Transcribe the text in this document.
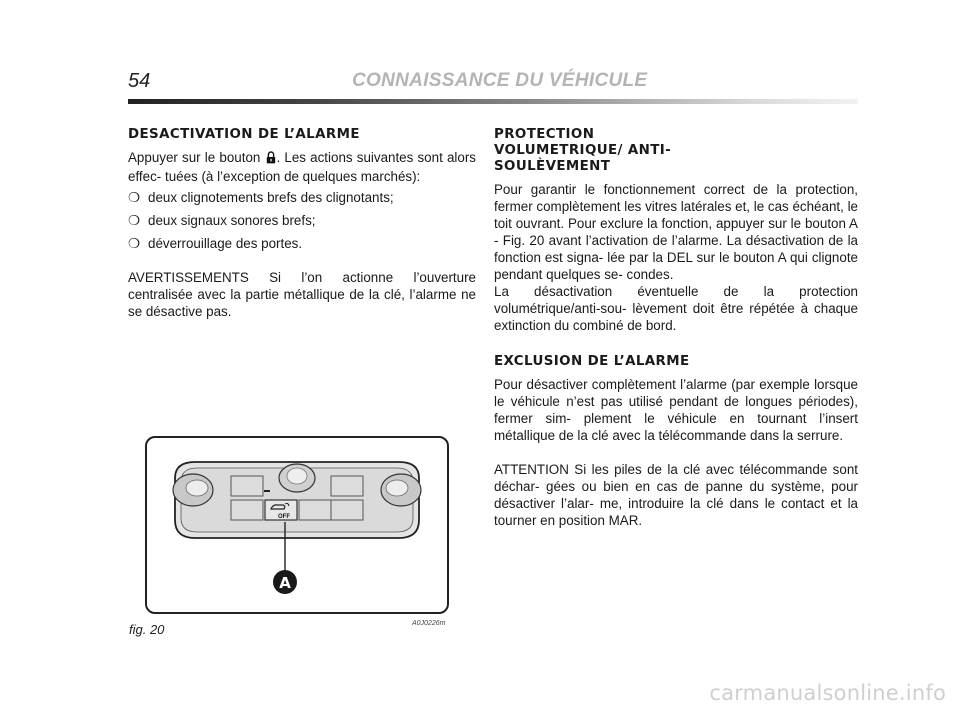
54	CONNAISSANCE DU VÉHICULE
DESACTIVATION DE L’ALARME

Appuyer sur le bouton . Les actions suivantes sont alors effec- tuées (à l’exception de quelques marchés):

❍ deux clignotements brefs des clignotants;
❍ deux signaux sonores brefs;
❍ déverrouillage des portes.

AVERTISSEMENTS Si l’on actionne l’ouverture centralisée avec la partie métallique de la clé, l’alarme ne se désactive pas.

PROTECTION VOLUMETRIQUE/ ANTI-SOULÈVEMENT

Pour garantir le fonctionnement correct de la protection, fermer complètement les vitres latérales et, le cas échéant, le toit ouvrant. Pour exclure la fonction, appuyer sur le bouton A - Fig. 20 avant l’activation de l’alarme. La désactivation de la fonction est signa- lée par la DEL sur le bouton A qui clignote pendant quelques se- condes.

La désactivation éventuelle de la protection volumétrique/anti-sou- lèvement doit être répétée à chaque extinction du combiné de bord.

EXCLUSION DE L’ALARME

Pour désactiver complètement l’alarme (par exemple lorsque le véhicule n’est pas utilisé pendant de longues périodes), fermer sim- plement le véhicule en tournant l’insert métallique de la clé avec la télécommande dans la serrure.

ATTENTION Si les piles de la clé avec télécommande sont déchar- gées ou bien en cas de panne du système, pour désactiver l’alar- me, introduire la clé dans le contact et la tourner en position MAR.

OFF
A
fig. 20	A0J0226m
carmanualsonline.info
